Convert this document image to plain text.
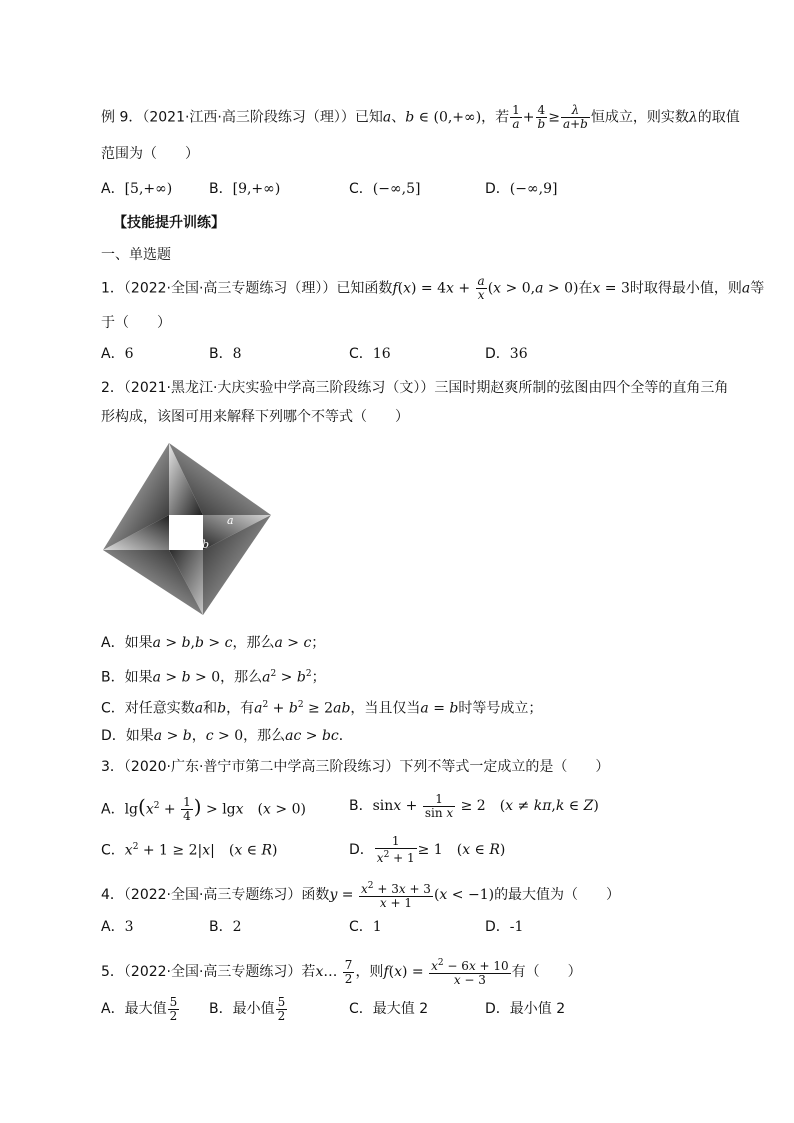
例 9．（2021·江西·高三阶段练习（理））已知a、b ∈ (0,+∞)，若 $\frac{1}{a} + \frac{4}{b} \ge \frac{\lambda}{a+b}$ 恒成立，则实数λ的取值
范围为（　　）
A．[5,+∞)	B．[9,+∞)	C．(−∞,5]	D．(−∞,9]
【技能提升训练】
一、单选题
1．（2022·全国·高三专题练习（理））已知函数$f(x) = 4x + \frac{a}{x} (x > 0,a > 0)$在x = 3时取得最小值，则a等
于（　　）
A．6	B．8	C．16	D．36
2．（2021·黑龙江·大庆实验中学高三阶段练习（文））三国时期赵爽所制的弦图由四个全等的直角三角
形构成，该图可用来解释下列哪个不等式（　　）
a
b
A．如果a > b,b > c，那么a > c；
B．如果a > b > 0，那么$a^2 > b^2$；
C．对任意实数a和b，有$a^2 + b^2 \ge 2ab$，当且仅当a = b时等号成立；
D．如果a > b，c > 0，那么ac > bc．
3．（2020·广东·普宁市第二中学高三阶段练习）下列不等式一定成立的是（　　）
A．$\lg(x^2 + \frac{1}{4}$ ) > lgx　(x > 0)	B．$\sin x + \frac{1}{\text{sin x}} \ge 2$　(x ≠ kπ,k ∈ Z)
C．$x^2 + 1 \ge 2|x|$　(x ∈ R)	D． $\frac{1}{x^2 + 1} \ge 1$　(x ∈ R)
4．（2022·全国·高三专题练习）函数$y = \frac{x^2 + 3x + 3}{x + 1} (x < -1)$的最大值为（　　）
A．3	B．2	C．1	D．-1
5．（2022·全国·高三专题练习）若x… $\frac{7}{2}$ ，则$f(x) = \frac{x^2 - 6x + 10}{x - 3}$ 有（　　）
A．最大值 $\frac{5}{2}$ B．最小值 $\frac{5}{2}$	C．最大值 2	D．最小值 2
